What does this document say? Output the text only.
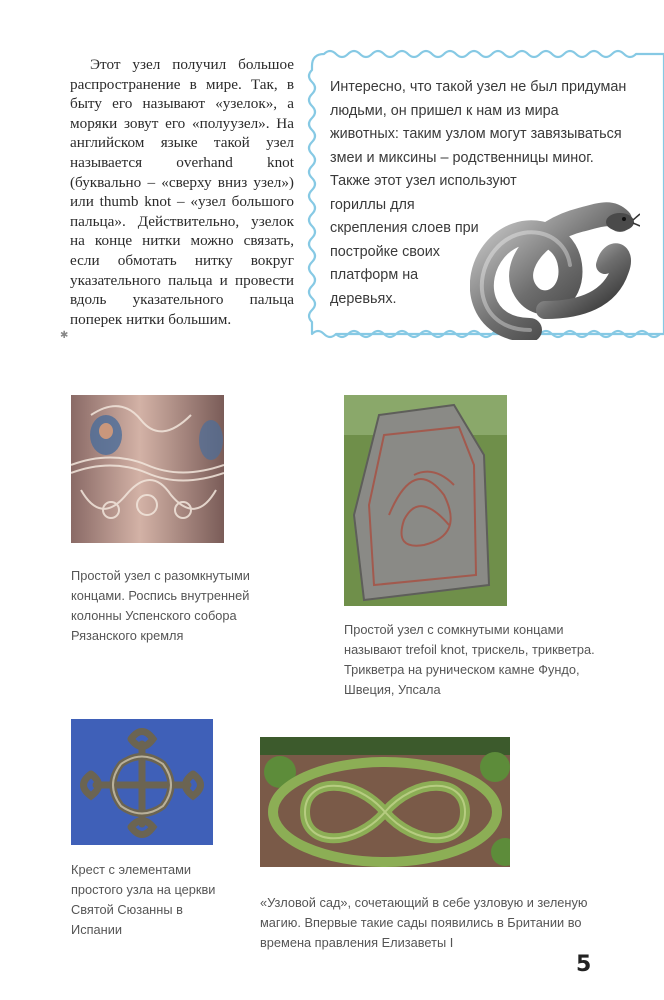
Этот узел получил большое распространение в мире. Так, в быту его называют «узелок», а моряки зовут его «полуузел». На английском языке такой узел называется overhand knot (буквально – «сверху вниз узел») или thumb knot – «узел большого пальца». Действительно, узелок на конце нитки можно связать, если обмотать нитку вокруг указательного пальца и провести вдоль указательного пальца поперек нитки большим.

✱
Интересно, что такой узел не был придуман людьми, он пришел к нам из мира животных: таким узлом могут завязываться змеи и миксины – родственницы миног. Также этот узел используют
гориллы для скрепления слоев при постройке своих платформ на деревьях.
Простой узел с разомкнутыми концами. Роспись внутренней колонны Успенского собора Рязанского кремля	Простой узел с сомкнутыми концами называют trefoil knot, трискель, трикветра. Трикветра на руническом камне Фундо, Швеция, Упсала
Крест с элементами простого узла на церкви Святой Сюзанны в Испании
«Узловой сад», сочетающий в себе узловую и зеленую магию. Впервые такие сады появились в Британии во времена правления Елизаветы I
5
